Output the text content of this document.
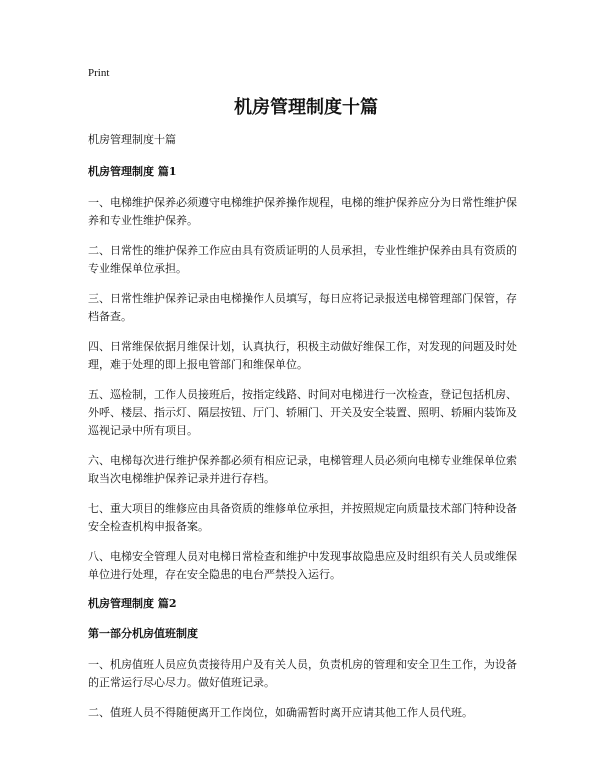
Print
机房管理制度十篇
机房管理制度十篇
机房管理制度 篇1
一、电梯维护保养必须遵守电梯维护保养操作规程，电梯的维护保养应分为日常性维护保养和专业性维护保养。
二、日常性的维护保养工作应由具有资质证明的人员承担，专业性维护保养由具有资质的专业维保单位承担。
三、日常性维护保养记录由电梯操作人员填写，每日应将记录报送电梯管理部门保管，存档备查。
四、日常维保依据月维保计划，认真执行，积极主动做好维保工作，对发现的问题及时处理，难于处理的即上报电管部门和维保单位。
五、巡检制，工作人员接班后，按指定线路、时间对电梯进行一次检查，登记包括机房、外呼、楼层、指示灯、隔层按钮、厅门、轿厢门、开关及安全装置、照明、轿厢内装饰及巡视记录中所有项目。
六、电梯每次进行维护保养都必须有相应记录，电梯管理人员必须向电梯专业维保单位索取当次电梯维护保养记录并进行存档。
七、重大项目的维修应由具备资质的维修单位承担，并按照规定向质量技术部门特种设备安全检查机构申报备案。
八、电梯安全管理人员对电梯日常检查和维护中发现事故隐患应及时组织有关人员或维保单位进行处理，存在安全隐患的电台严禁投入运行。
机房管理制度 篇2
第一部分机房值班制度
一、机房值班人员应负责接待用户及有关人员，负责机房的管理和安全卫生工作，为设备的正常运行尽心尽力。做好值班记录。
二、值班人员不得随便离开工作岗位，如确需暂时离开应请其他工作人员代班。
